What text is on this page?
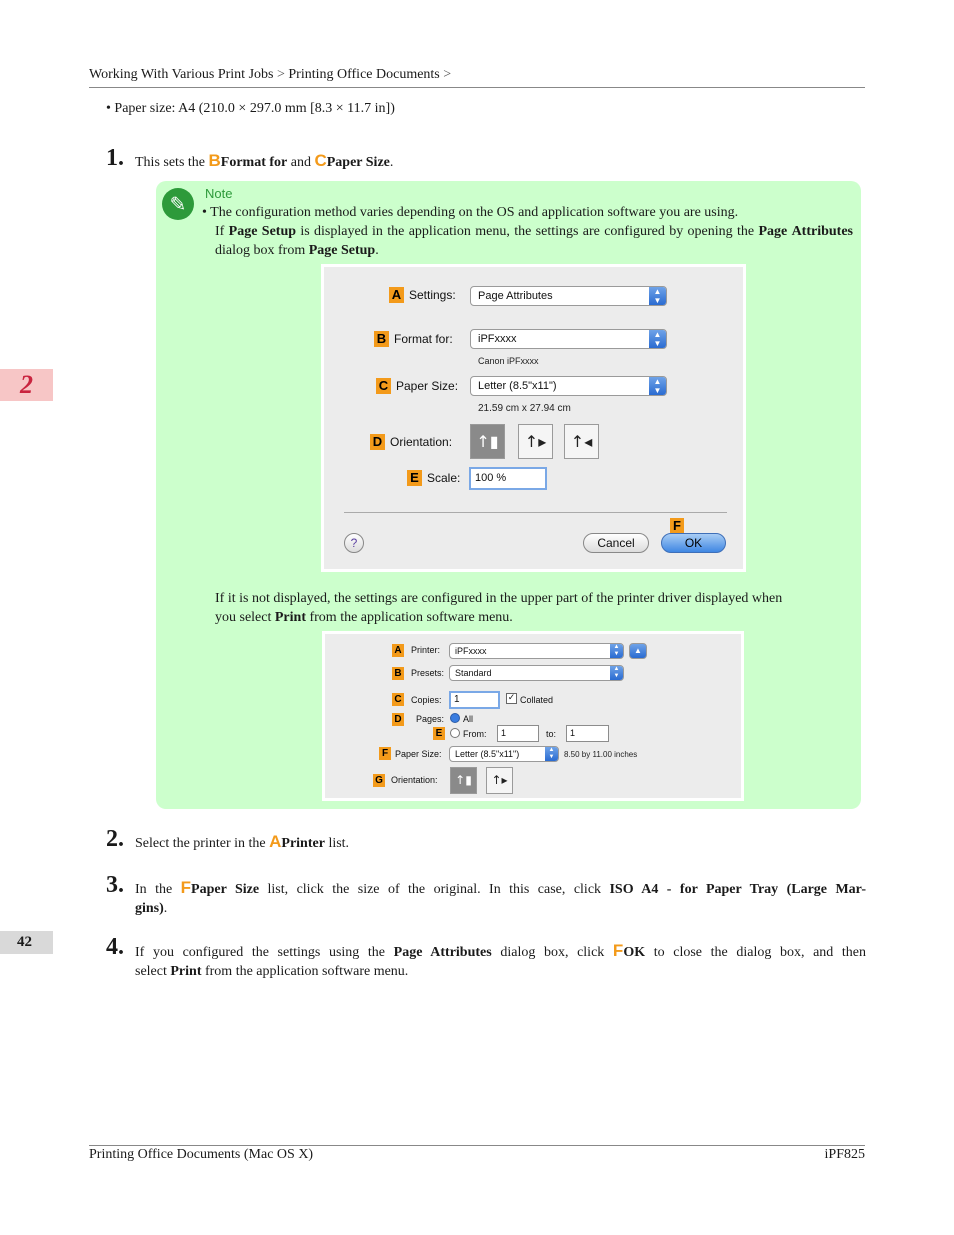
Working With Various Print Jobs > Printing Office Documents >
2
42
• Paper size: A4 (210.0 × 297.0 mm [8.3 × 11.7 in])
1. This sets the BFormat for and CPaper Size.
✎	Note
• The configuration method varies depending on the OS and application software you are using.
If Page Setup is displayed in the application menu, the settings are configured by opening the Page Attributes dialog box from Page Setup.
A Settings: Page Attributes	▲
▼
B Format for: iPFxxxx	▲
▼
Canon iPFxxxx
C Paper Size: Letter (8.5"x11")	▲
▼
21.59 cm x 27.94 cm
D Orientation:	↑▮	↑▸	↑◂
E Scale: 100 %
F
?	Cancel	OK
If it is not displayed, the settings are configured in the upper part of the printer driver displayed when
you select Print from the application software menu.
A Printer: iPFxxxx	▲
▼	▲
B Presets: Standard	▲
▼
C Copies: 1	✓ Collated
D Pages: All
E From: 1	to: 1
F Paper Size: Letter (8.5"x11")	▲
▼	8.50 by 11.00 inches
G Orientation:	↑▮	↑▸
2. Select the printer in the APrinter list.
3. In the FPaper Size list, click the size of the original. In this case, click ISO A4 - for Paper Tray (Large Mar-
gins).
4. If you configured the settings using the Page Attributes dialog box, click FOK to close the dialog box, and then
select Print from the application software menu.
Printing Office Documents (Mac OS X)	iPF825
